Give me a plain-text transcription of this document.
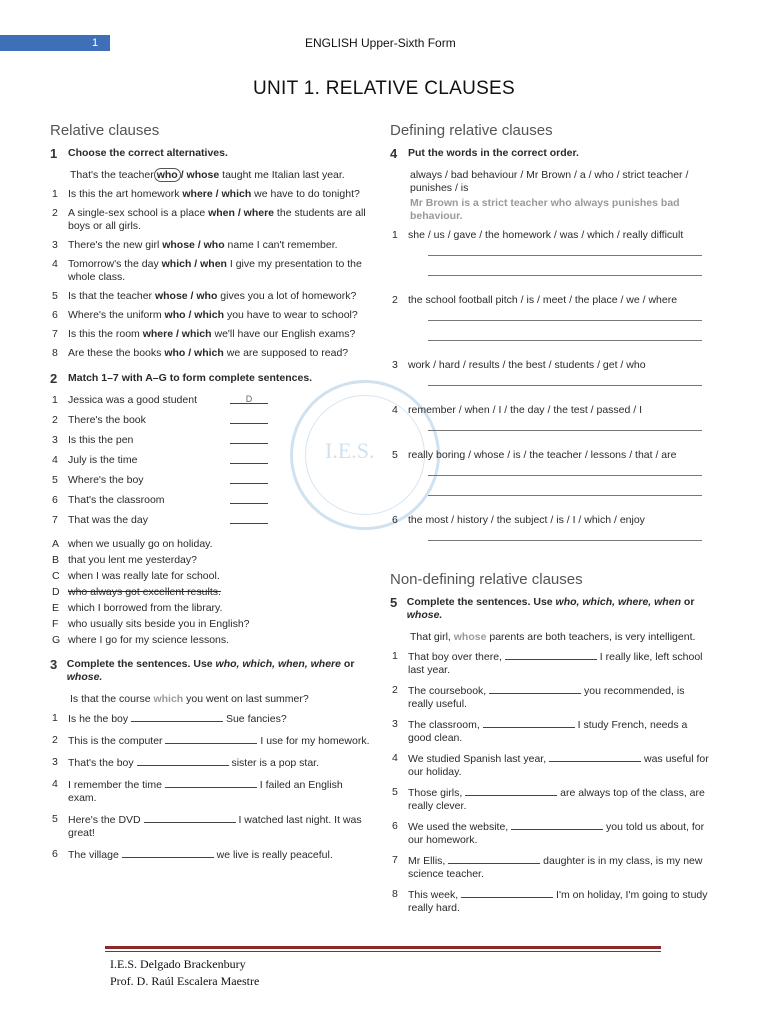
1	ENGLISH Upper-Sixth Form
UNIT 1. RELATIVE CLAUSES
I.E.S.
Relative clauses
1	Choose the correct alternatives.
That's the teacher who / whose taught me Italian last year.
1 Is this the art homework where / which we have to do tonight?
2 A single-sex school is a place when / where the students are all boys or all girls.
3 There's the new girl whose / who name I can't remember.
4 Tomorrow's the day which / when I give my presentation to the whole class.
5 Is that the teacher whose / who gives you a lot of homework?
6 Where's the uniform who / which you have to wear to school?
7 Is this the room where / which we'll have our English exams?
8 Are these the books who / which we are supposed to read?
2	Match 1–7 with A–G to form complete sentences.
1 Jessica was a good student	D
2 There's the book
3 Is this the pen
4 July is the time
5 Where's the boy
6 That's the classroom
7 That was the day
A when we usually go on holiday.
B that you lent me yesterday?
C when I was really late for school.
D who always got excellent results.
E which I borrowed from the library.
F who usually sits beside you in English?
G where I go for my science lessons.
3 Complete the sentences. Use who, which, when, where or whose.
Is that the course which you went on last summer?
1 Is he the boy	Sue fancies?
2 This is the computer	I use for my homework.
3 That's the boy	sister is a pop star.
4 I remember the time	I failed an English exam.
5 Here's the DVD	I watched last night. It was great!
6 The village	we live is really peaceful.
Defining relative clauses
4	Put the words in the correct order.
always / bad behaviour / Mr Brown / a / who / strict teacher / punishes / is
Mr Brown is a strict teacher who always punishes bad behaviour.
1 she / us / gave / the homework / was / which / really difficult
2 the school football pitch / is / meet / the place / we / where
3 work / hard / results / the best / students / get / who
4 remember / when / I / the day / the test / passed / I
5 really boring / whose / is / the teacher / lessons / that / are
6 the most / history / the subject / is / I / which / enjoy
Non-defining relative clauses
5 Complete the sentences. Use who, which, where, when or whose.
That girl, whose parents are both teachers, is very intelligent.
1 That boy over there,	I really like, left school last year.
2 The coursebook,	you recommended, is really useful.
3 The classroom,	I study French, needs a good clean.
4 We studied Spanish last year,	was useful for our holiday.
5 Those girls,	are always top of the class, are really clever.
6 We used the website,	you told us about, for our homework.
7 Mr Ellis,	daughter is in my class, is my new science teacher.
8 This week,	I'm on holiday, I'm going to study really hard.
I.E.S. Delgado Brackenbury
Prof. D. Raúl Escalera Maestre
